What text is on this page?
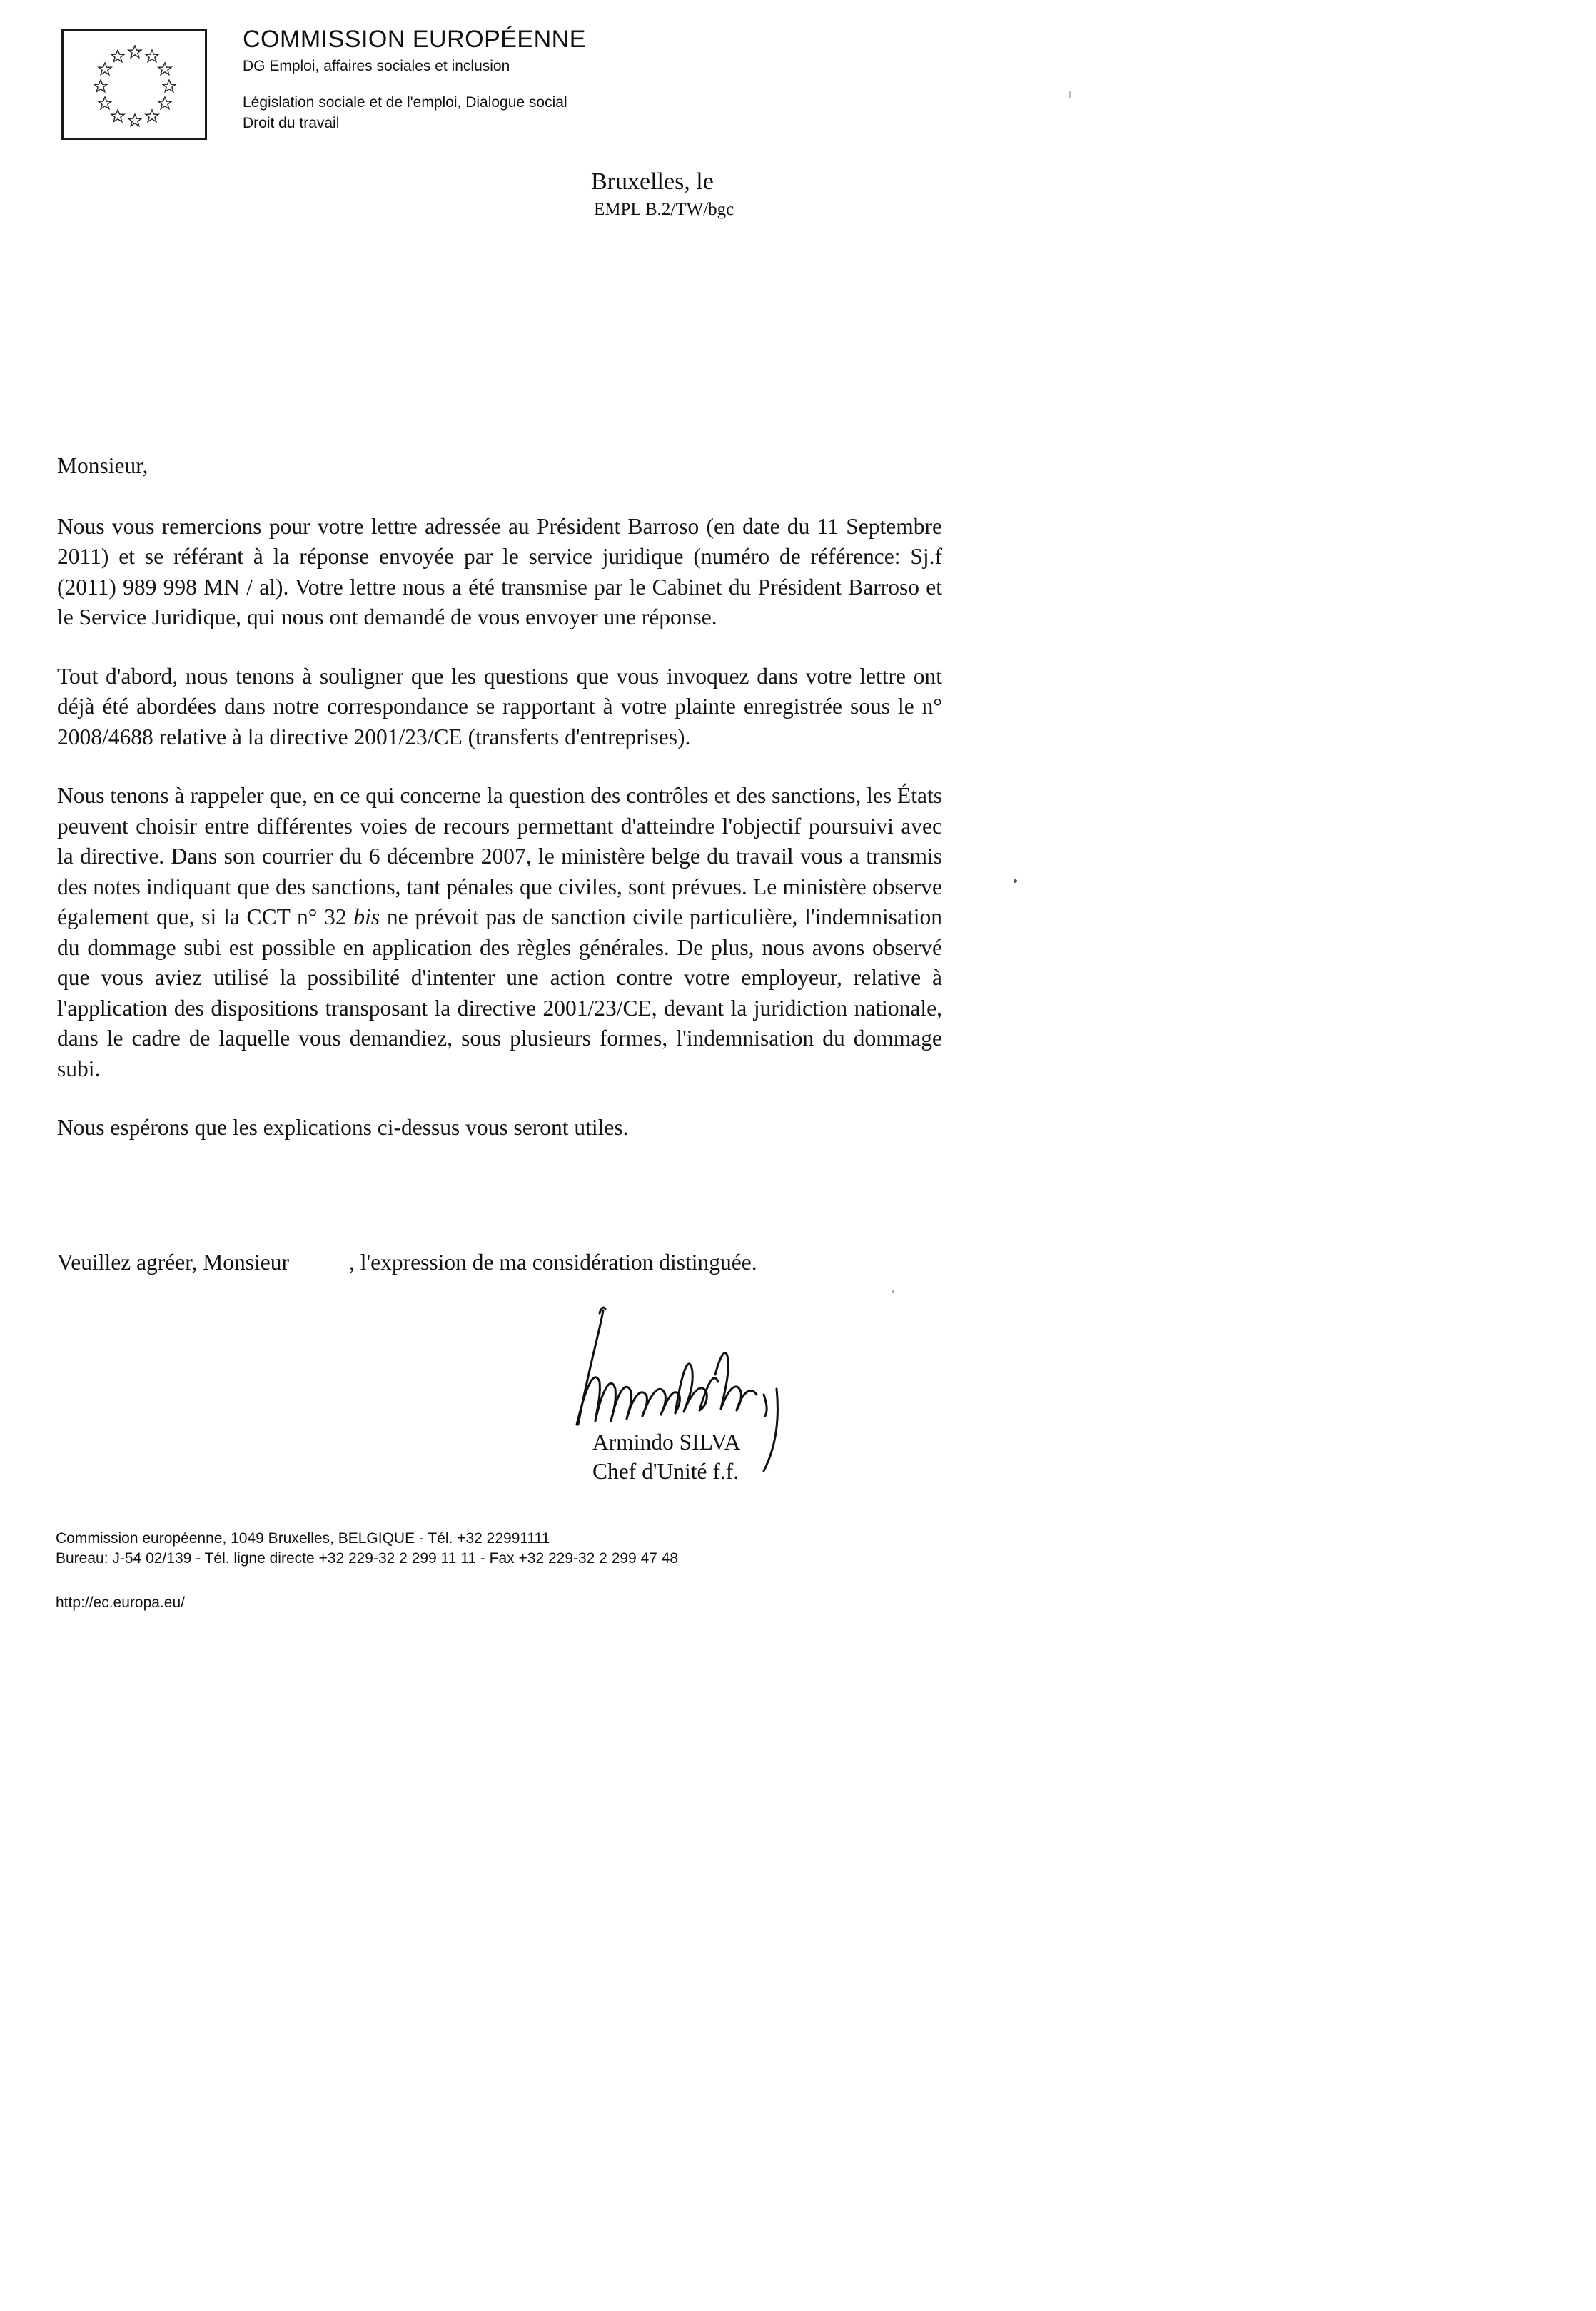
COMMISSION EUROPÉENNE
DG Emploi, affaires sociales et inclusion
Législation sociale et de l'emploi, Dialogue social
Droit du travail
Bruxelles, le
EMPL B.2/TW/bgc

Monsieur,

Nous vous remercions pour votre lettre adressée au Président Barroso (en date du 11 Septembre 2011) et se référant à la réponse envoyée par le service juridique (numéro de référence: Sj.f (2011) 989 998 MN / al). Votre lettre nous a été transmise par le Cabinet du Président Barroso et le Service Juridique, qui nous ont demandé de vous envoyer une réponse.

Tout d'abord, nous tenons à souligner que les questions que vous invoquez dans votre lettre ont déjà été abordées dans notre correspondance se rapportant à votre plainte enregistrée sous le n° 2008/4688 relative à la directive 2001/23/CE (transferts d'entreprises).

Nous tenons à rappeler que, en ce qui concerne la question des contrôles et des sanctions, les États peuvent choisir entre différentes voies de recours permettant d'atteindre l'objectif poursuivi avec la directive. Dans son courrier du 6 décembre 2007, le ministère belge du travail vous a transmis des notes indiquant que des sanctions, tant pénales que civiles, sont prévues. Le ministère observe également que, si la CCT n° 32 bis ne prévoit pas de sanction civile particulière, l'indemnisation du dommage subi est possible en application des règles générales. De plus, nous avons observé que vous aviez utilisé la possibilité d'intenter une action contre votre employeur, relative à l'application des dispositions transposant la directive 2001/23/CE, devant la juridiction nationale, dans le cadre de laquelle vous demandiez, sous plusieurs formes, l'indemnisation du dommage subi.

Nous espérons que les explications ci-dessus vous seront utiles.

Veuillez agréer, Monsieur	, l'expression de ma considération distinguée.
Armindo SILVA
Chef d'Unité f.f.
Commission européenne, 1049 Bruxelles, BELGIQUE - Tél. +32 22991111
Bureau: J-54 02/139 - Tél. ligne directe +32 229-32 2 299 11 11 - Fax +32 229-32 2 299 47 48
http://ec.europa.eu/
